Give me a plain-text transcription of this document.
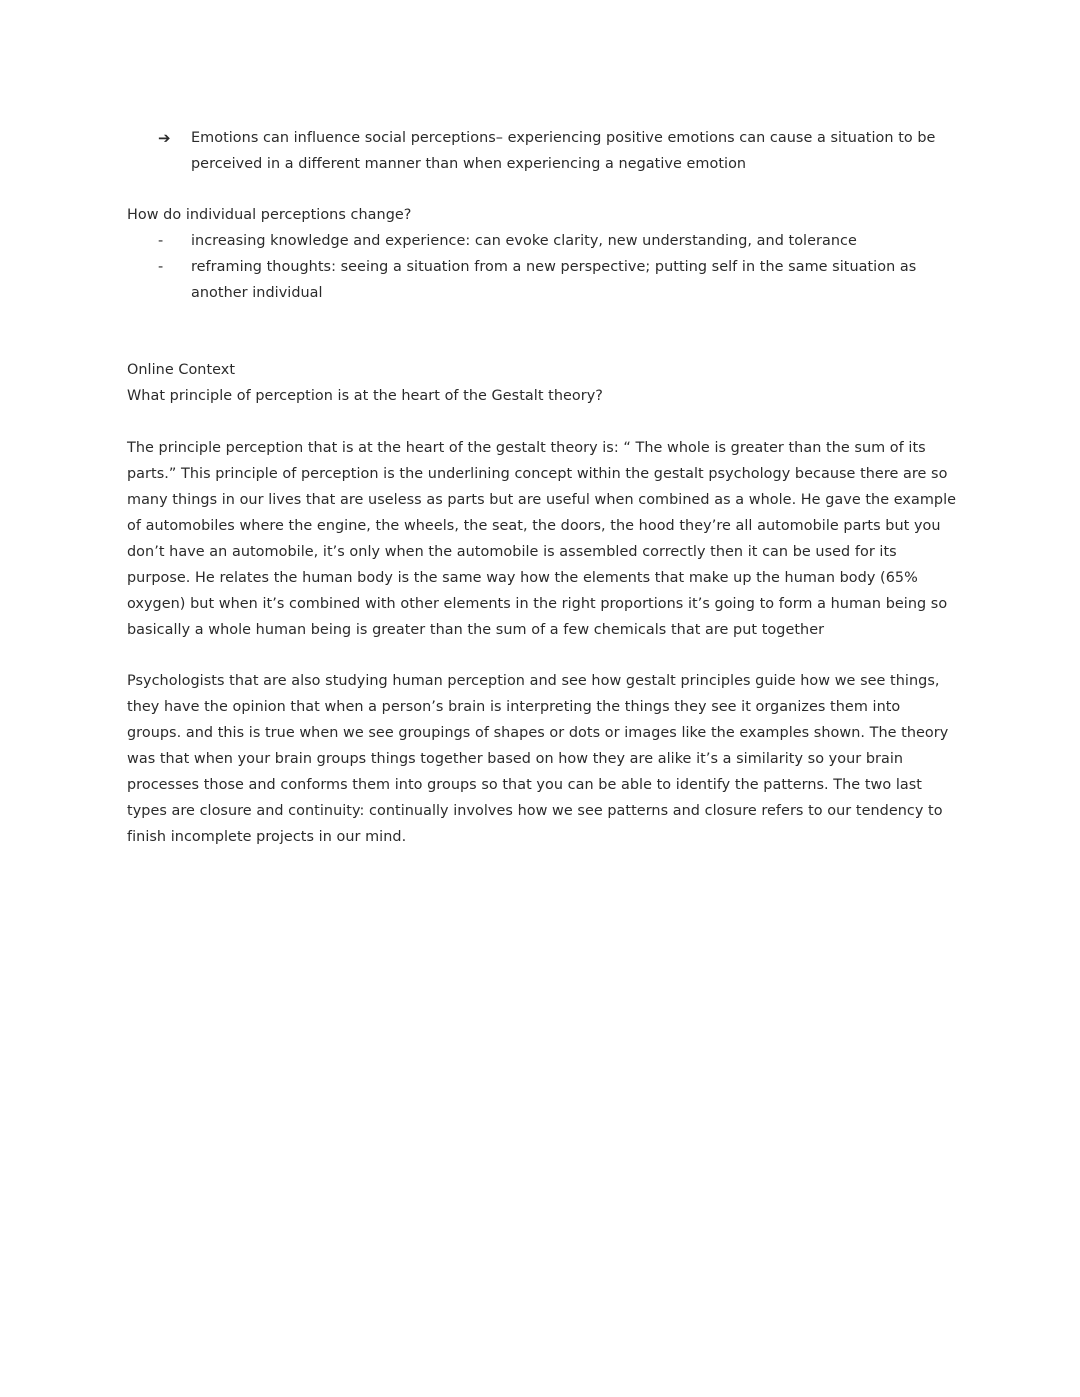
➔	Emotions can influence social perceptions– experiencing positive emotions can cause a situation to be perceived in a different manner than when experiencing a negative emotion
How do individual perceptions change?
- increasing knowledge and experience: can evoke clarity, new understanding, and tolerance
- reframing thoughts: seeing a situation from a new perspective; putting self in the same situation as another individual
Online Context
What principle of perception is at the heart of the Gestalt theory?

The principle perception that is at the heart of the gestalt theory is: “ The whole is greater than the sum of its parts.” This principle of perception is the underlining concept within the gestalt psychology because there are so many things in our lives that are useless as parts but are useful when combined as a whole. He gave the example of automobiles where the engine, the wheels, the seat, the doors, the hood they’re all automobile parts but you don’t have an automobile, it’s only when the automobile is assembled correctly then it can be used for its purpose. He relates the human body is the same way how the elements that make up the human body (65% oxygen) but when it’s combined with other elements in the right proportions it’s going to form a human being so basically a whole human being is greater than the sum of a few chemicals that are put together

Psychologists that are also studying human perception and see how gestalt principles guide how we see things, they have the opinion that when a person’s brain is interpreting the things they see it organizes them into groups. and this is true when we see groupings of shapes or dots or images like the examples shown. The theory was that when your brain groups things together based on how they are alike it’s a similarity so your brain processes those and conforms them into groups so that you can be able to identify the patterns. The two last types are closure and continuity: continually involves how we see patterns and closure refers to our tendency to finish incomplete projects in our mind.
